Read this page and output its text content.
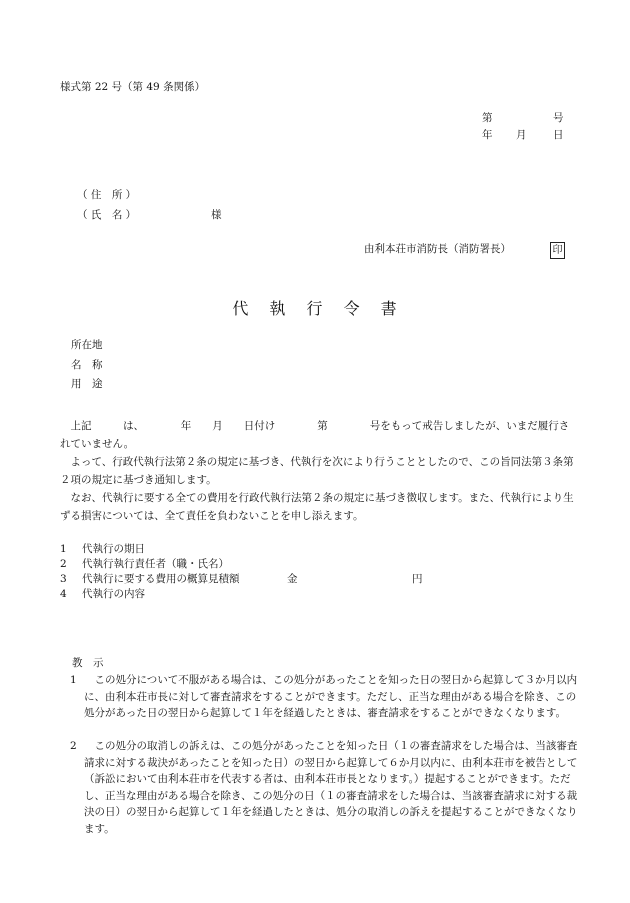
様式第 22 号（第 49 条関係）
第	号
年 月	日
（ 住　所 ）
（ 氏　名 ）	様
由利本荘市消防長（消防署長）	印
代 執 行 令 書
所在地
名　称
用　途
上記　　　は、　　　　年　　月　　日付け　　　　第　　　　号をもって戒告しましたが、いまだ履行されていません。
よって、行政代執行法第２条の規定に基づき、代執行を次により行うこととしたので、この旨同法第３条第２項の規定に基づき通知します。
なお、代執行に要する全ての費用を行政代執行法第２条の規定に基づき徴収します。また、代執行により生ずる損害については、全て責任を負わないことを申し添えます。
1 代執行の期日
2 代執行執行責任者（職・氏名）
3 代執行に要する費用の概算見積額	金	円
4 代執行の内容
教　示
1	この処分について不服がある場合は、この処分があったことを知った日の翌日から起算して３か月以内に、由利本荘市長に対して審査請求をすることができます。ただし、正当な理由がある場合を除き、この処分があった日の翌日から起算して１年を経過したときは、審査請求をすることができなくなります。
2	この処分の取消しの訴えは、この処分があったことを知った日（１の審査請求をした場合は、当該審査請求に対する裁決があったことを知った日）の翌日から起算して６か月以内に、由利本荘市を被告として（訴訟において由利本荘市を代表する者は、由利本荘市長となります。）提起することができます。ただし、正当な理由がある場合を除き、この処分の日（１の審査請求をした場合は、当該審査請求に対する裁決の日）の翌日から起算して１年を経過したときは、処分の取消しの訴えを提起することができなくなります。
